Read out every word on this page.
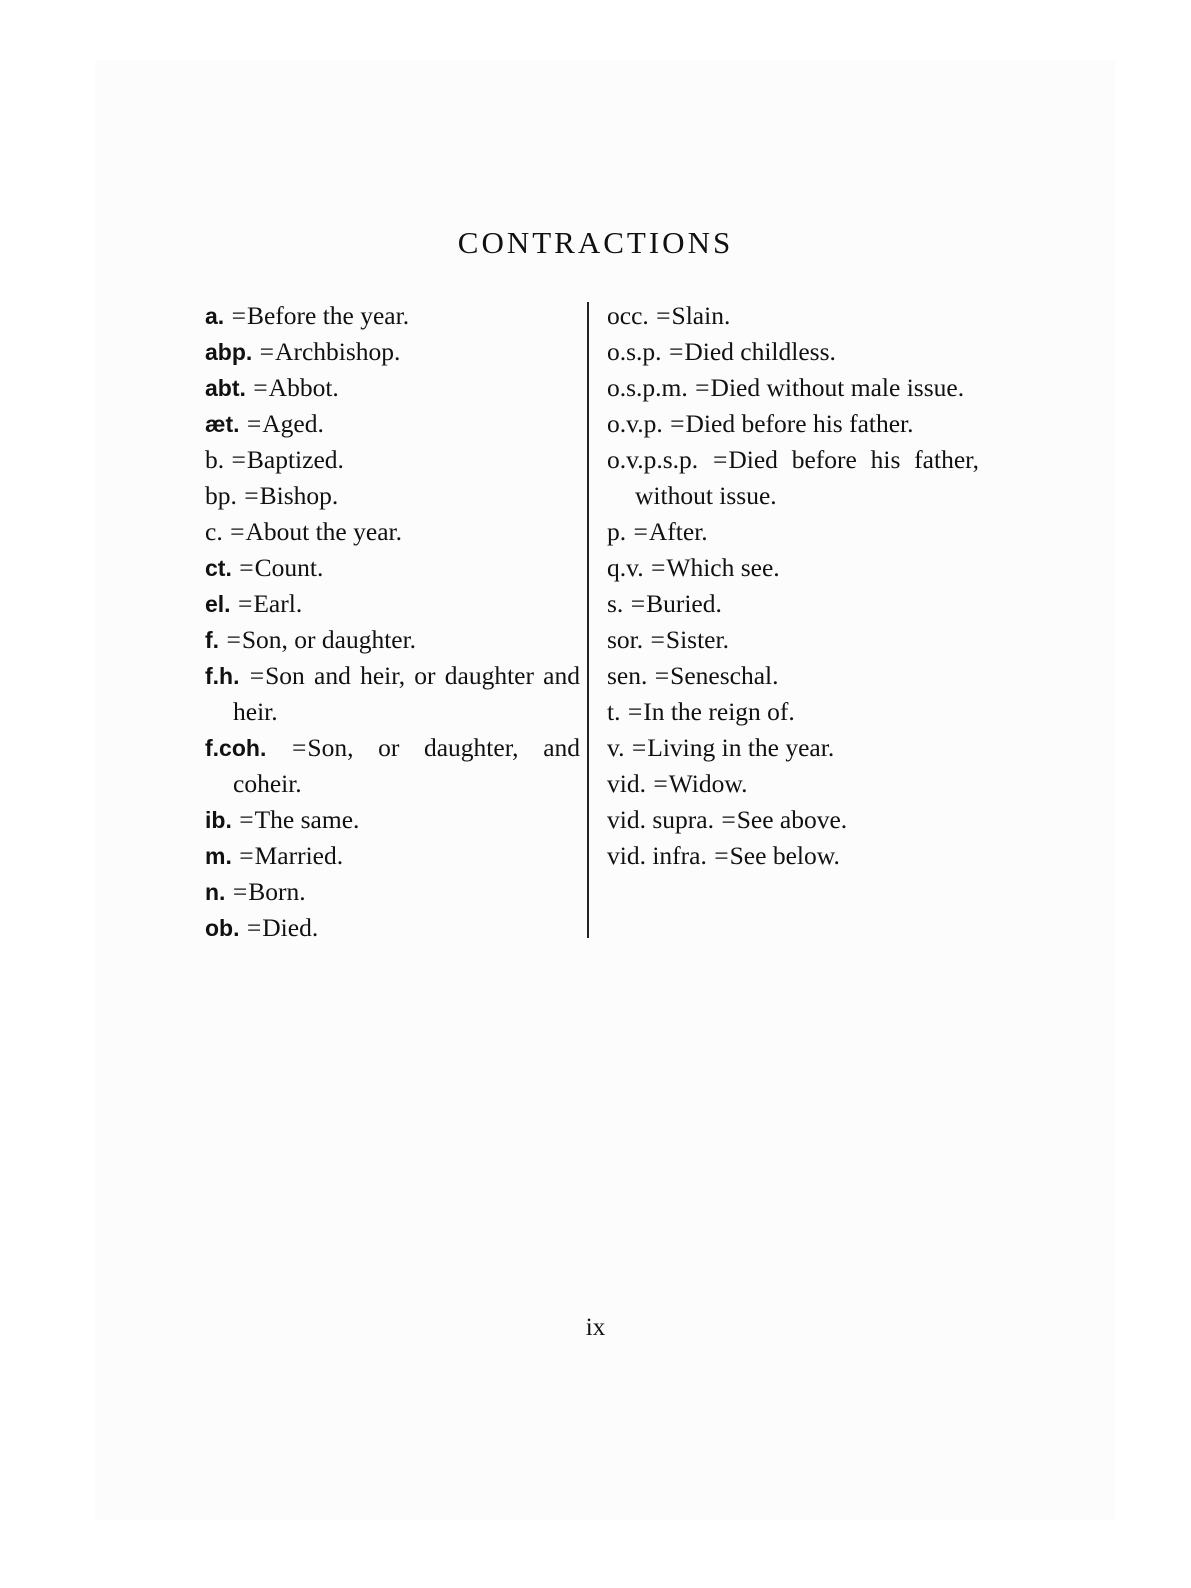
CONTRACTIONS

a. =Before the year.

abp. =Archbishop.

abt. =Abbot.

æt. =Aged.

b. =Baptized.

bp. =Bishop.

c. =About the year.

ct. =Count.

el. =Earl.

f. =Son, or daughter.

f.h. =Son and heir, or daughter and heir.

f.coh. =Son, or daughter, and coheir.

ib. =The same.

m. =Married.

n. =Born.

ob. =Died.

occ. =Slain.

o.s.p. =Died childless.

o.s.p.m. =Died without male issue.

o.v.p. =Died before his father.

o.v.p.s.p. =Died before his father, without issue.

p. =After.

q.v. =Which see.

s. =Buried.

sor. =Sister.

sen. =Seneschal.

t. =In the reign of.

v. =Living in the year.

vid. =Widow.

vid. supra. =See above.

vid. infra. =See below.

ix
